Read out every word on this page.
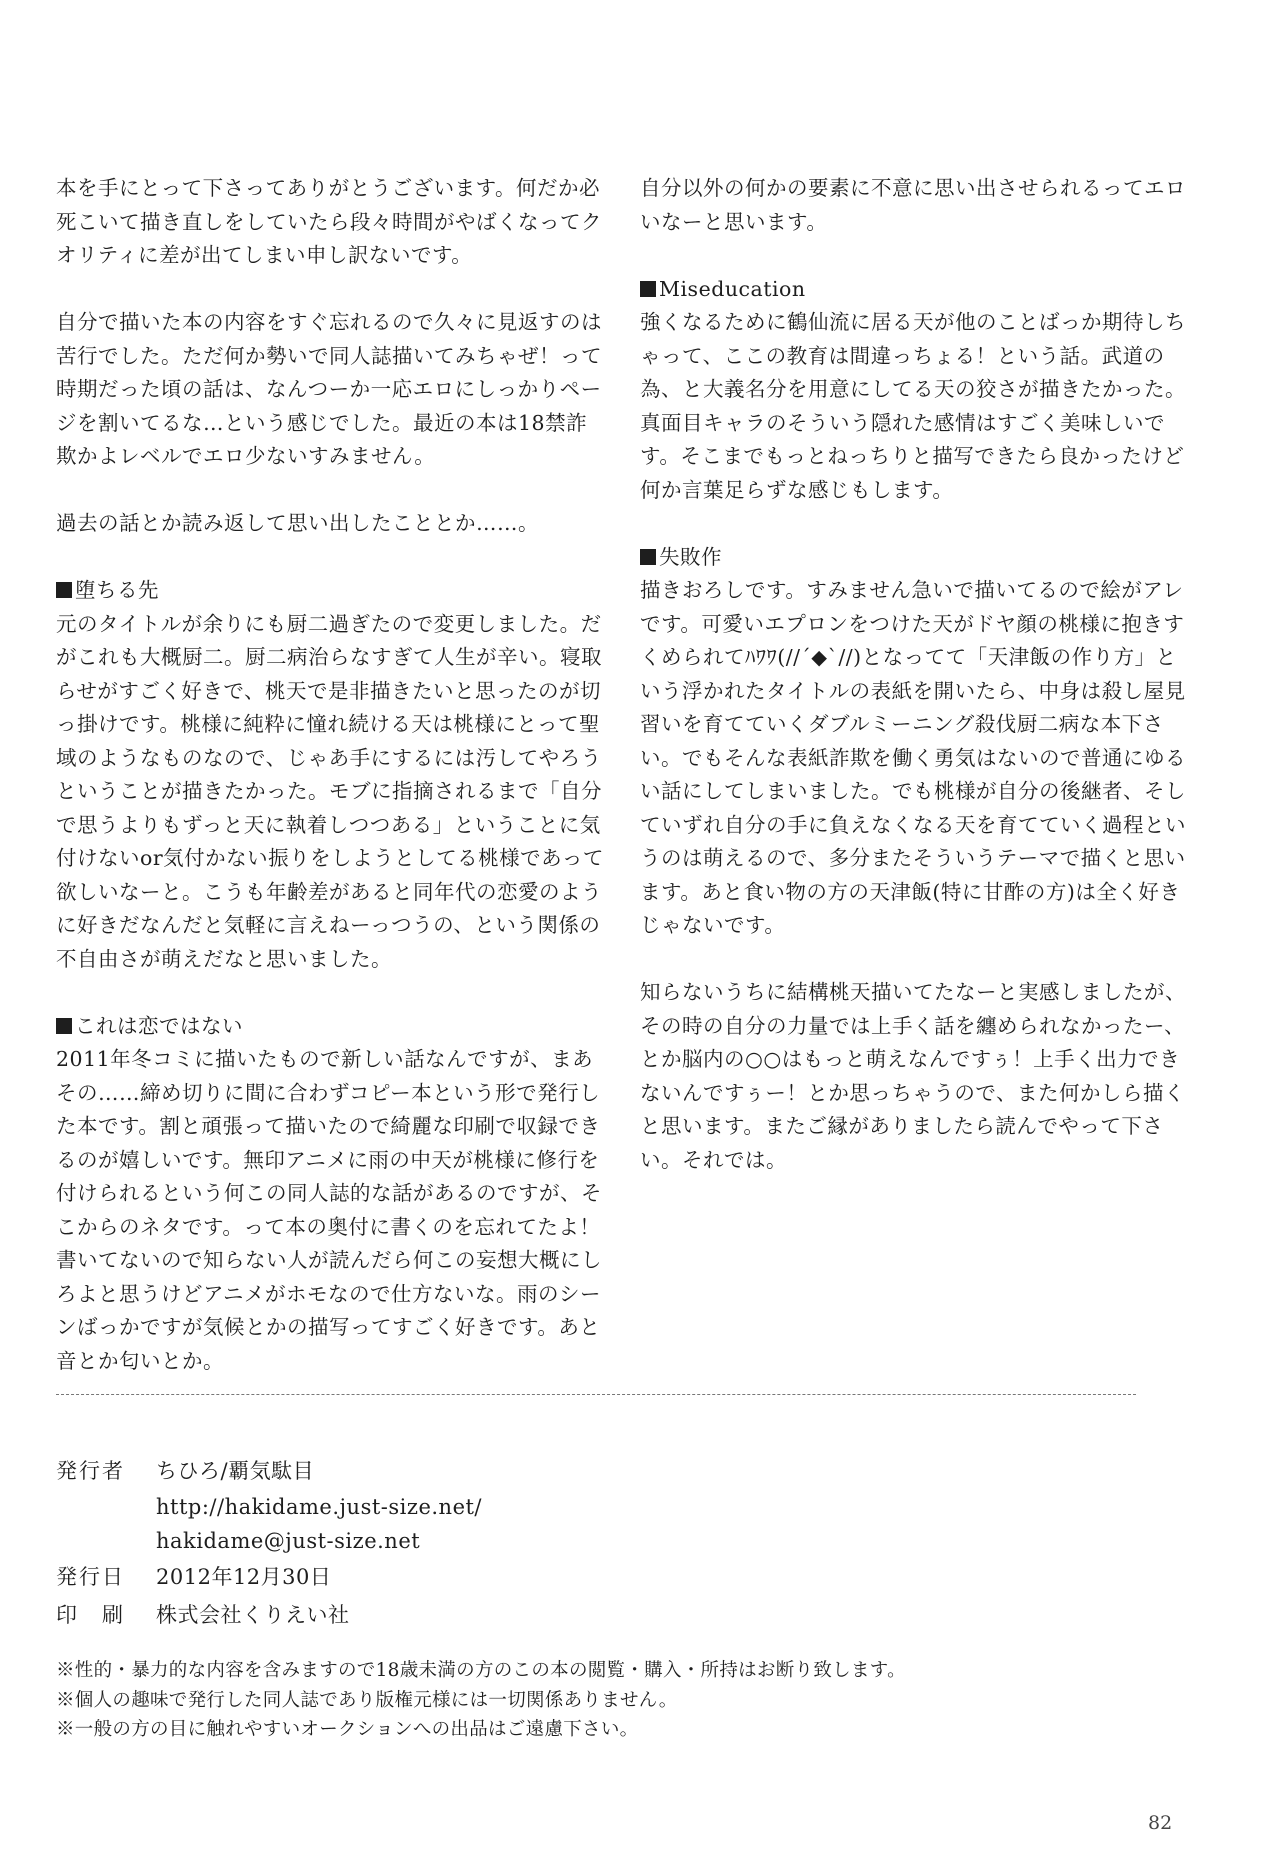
本を手にとって下さってありがとうございます。何だか必死こいて描き直しをしていたら段々時間がやばくなってクオリティに差が出てしまい申し訳ないです。

自分で描いた本の内容をすぐ忘れるので久々に見返すのは苦行でした。ただ何か勢いで同人誌描いてみちゃぜ！って時期だった頃の話は、なんつーか一応エロにしっかりページを割いてるな…という感じでした。最近の本は18禁詐欺かよレベルでエロ少ないすみません。

過去の話とか読み返して思い出したこととか……。

堕ちる先

元のタイトルが余りにも厨二過ぎたので変更しました。だがこれも大概厨二。厨二病治らなすぎて人生が辛い。寝取らせがすごく好きで、桃天で是非描きたいと思ったのが切っ掛けです。桃様に純粋に憧れ続ける天は桃様にとって聖域のようなものなので、じゃあ手にするには汚してやろうということが描きたかった。モブに指摘されるまで「自分で思うよりもずっと天に執着しつつある」ということに気付けないor気付かない振りをしようとしてる桃様であって欲しいなーと。こうも年齢差があると同年代の恋愛のように好きだなんだと気軽に言えねーっつうの、という関係の不自由さが萌えだなと思いました。

これは恋ではない

2011年冬コミに描いたもので新しい話なんですが、まあその……締め切りに間に合わずコピー本という形で発行した本です。割と頑張って描いたので綺麗な印刷で収録できるのが嬉しいです。無印アニメに雨の中天が桃様に修行を付けられるという何この同人誌的な話があるのですが、そこからのネタです。って本の奥付に書くのを忘れてたよ！書いてないので知らない人が読んだら何この妄想大概にしろよと思うけどアニメがホモなので仕方ないな。雨のシーンばっかですが気候とかの描写ってすごく好きです。あと音とか匂いとか。

自分以外の何かの要素に不意に思い出させられるってエロいなーと思います。

Miseducation

強くなるために鶴仙流に居る天が他のことばっか期待しちゃって、ここの教育は間違っちょる！という話。武道の為、と大義名分を用意にしてる天の狡さが描きたかった。真面目キャラのそういう隠れた感情はすごく美味しいです。そこまでもっとねっちりと描写できたら良かったけど何か言葉足らずな感じもします。

失敗作

描きおろしです。すみません急いで描いてるので絵がアレです。可愛いエプロンをつけた天がドヤ顔の桃様に抱きすくめられてﾊﾜﾜ(//´◆`//)となってて「天津飯の作り方」という浮かれたタイトルの表紙を開いたら、中身は殺し屋見習いを育てていくダブルミーニング殺伐厨二病な本下さい。でもそんな表紙詐欺を働く勇気はないので普通にゆるい話にしてしまいました。でも桃様が自分の後継者、そしていずれ自分の手に負えなくなる天を育てていく過程というのは萌えるので、多分またそういうテーマで描くと思います。あと食い物の方の天津飯(特に甘酢の方)は全く好きじゃないです。

知らないうちに結構桃天描いてたなーと実感しましたが、その時の自分の力量では上手く話を纏められなかったー、とか脳内の○○はもっと萌えなんですぅ！上手く出力できないんですぅー！とか思っちゃうので、また何かしら描くと思います。またご縁がありましたら読んでやって下さい。それでは。

発行者	ちひろ/覇気駄目
http://hakidame.just-size.net/
hakidame@just-size.net
発行日	2012年12月30日
印　刷	株式会社くりえい社
※性的・暴力的な内容を含みますので18歳未満の方のこの本の閲覧・購入・所持はお断り致します。
※個人の趣味で発行した同人誌であり版権元様には一切関係ありません。
※一般の方の目に触れやすいオークションへの出品はご遠慮下さい。
82
